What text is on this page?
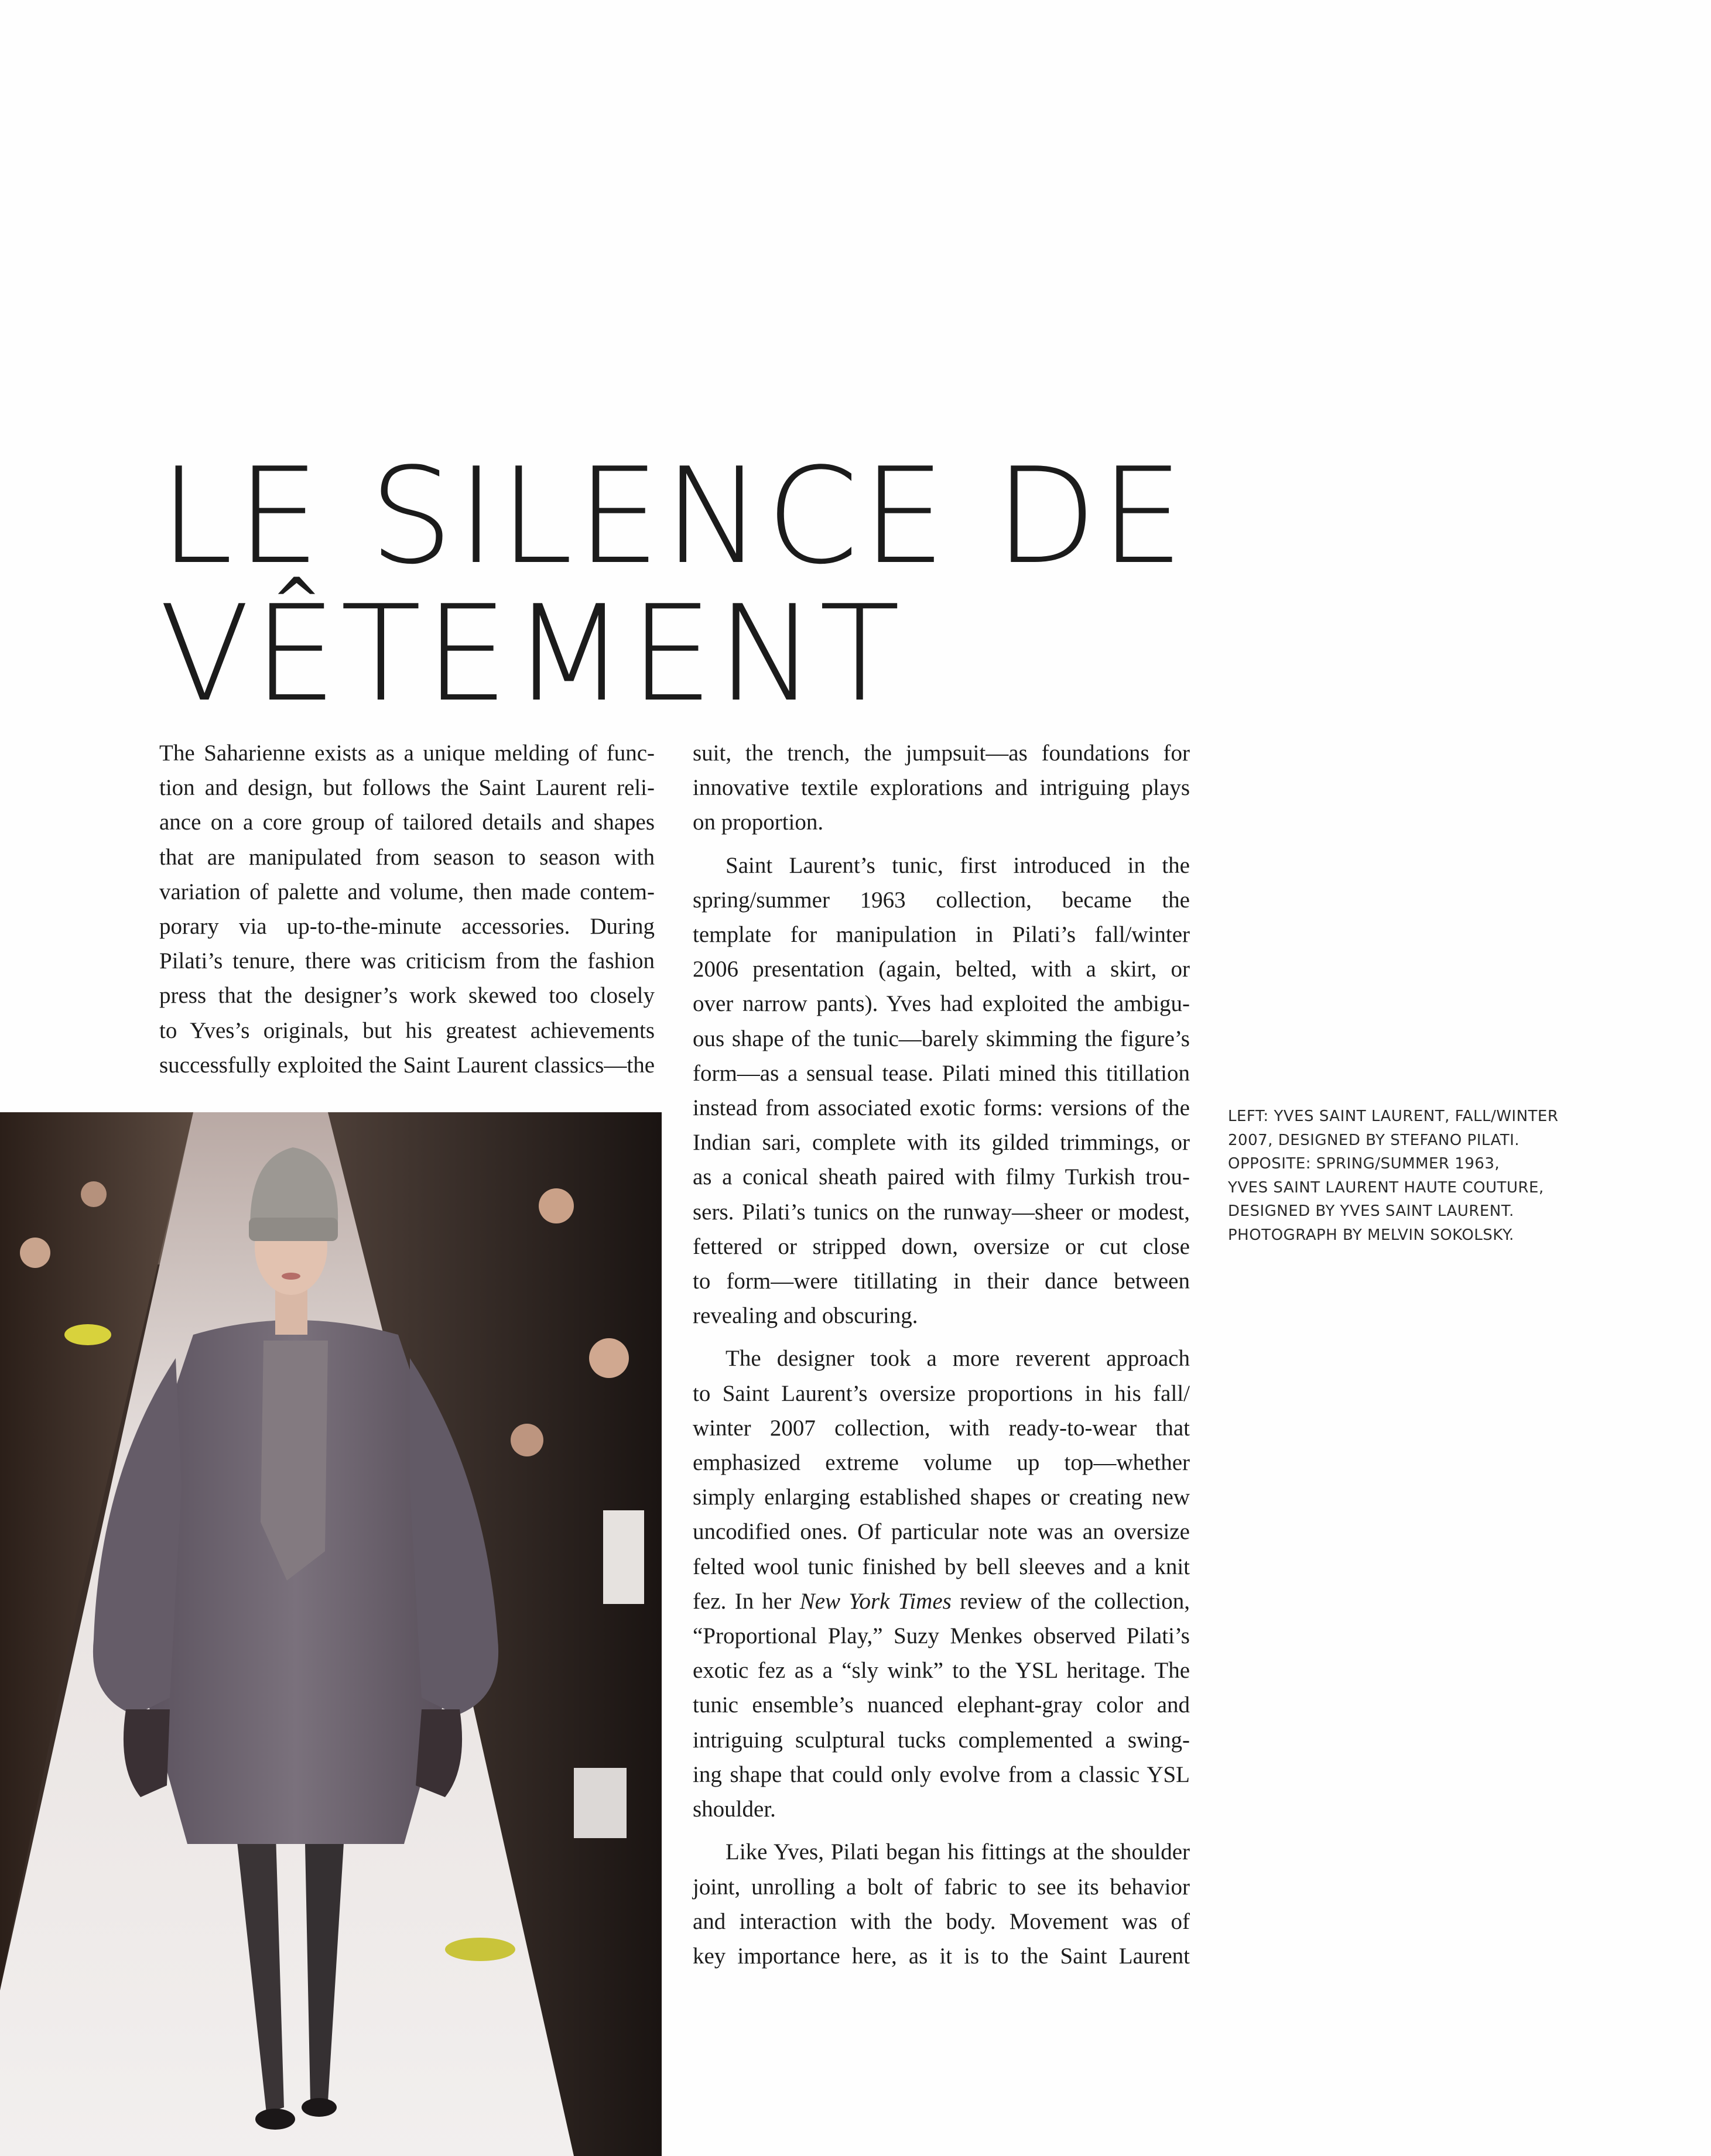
LE SILENCE DE
VÊTEMENT
The Saharienne exists as a unique melding of func-
tion and design, but follows the Saint Laurent reli-
ance on a core group of tailored details and shapes
that are manipulated from season to season with
variation of palette and volume, then made contem-
porary via up-to-the-minute accessories. During
Pilati’s tenure, there was criticism from the fashion
press that the designer’s work skewed too closely
to Yves’s originals, but his greatest achievements
successfully exploited the Saint Laurent classics—the
suit, the trench, the jumpsuit—as foundations for
innovative textile explorations and intriguing plays
on proportion.
Saint Laurent’s tunic, first introduced in the
spring/summer 1963 collection, became the
template for manipulation in Pilati’s fall/winter
2006 presentation (again, belted, with a skirt, or
over narrow pants). Yves had exploited the ambigu-
ous shape of the tunic—barely skimming the figure’s
form—as a sensual tease. Pilati mined this titillation
instead from associated exotic forms: versions of the
Indian sari, complete with its gilded trimmings, or
as a conical sheath paired with filmy Turkish trou-
sers. Pilati’s tunics on the runway—sheer or modest,
fettered or stripped down, oversize or cut close
to form—were titillating in their dance between
revealing and obscuring.
The designer took a more reverent approach
to Saint Laurent’s oversize proportions in his fall/
winter 2007 collection, with ready-to-wear that
emphasized extreme volume up top—whether
simply enlarging established shapes or creating new
uncodified ones. Of particular note was an oversize
felted wool tunic finished by bell sleeves and a knit
fez. In her New York Times review of the collection,
“Proportional Play,” Suzy Menkes observed Pilati’s
exotic fez as a “sly wink” to the YSL heritage. The
tunic ensemble’s nuanced elephant-gray color and
intriguing sculptural tucks complemented a swing-
ing shape that could only evolve from a classic YSL
shoulder.
Like Yves, Pilati began his fittings at the shoulder
joint, unrolling a bolt of fabric to see its behavior
and interaction with the body. Movement was of
key importance here, as it is to the Saint Laurent
LEFT: YVES SAINT LAURENT, FALL/WINTER
2007, DESIGNED BY STEFANO PILATI.
OPPOSITE: SPRING/SUMMER 1963,
YVES SAINT LAURENT HAUTE COUTURE,
DESIGNED BY YVES SAINT LAURENT.
PHOTOGRAPH BY MELVIN SOKOLSKY.
